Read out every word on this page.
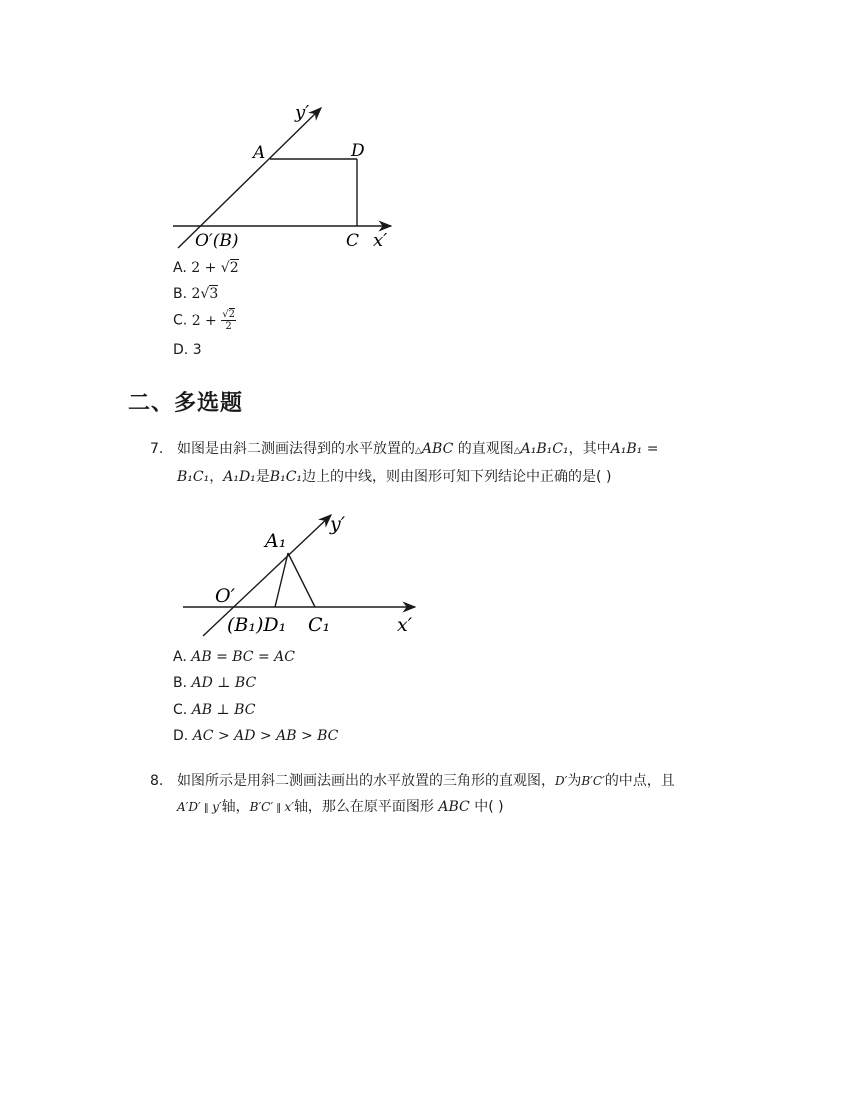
y′
A	D
O′(B)	C x′
A. 2 + √2
B. 2√3
C. $2 + \frac{√2}{2}$
D. 3
二、多选题
7. 如图是由斜二测画法得到的水平放置的△ABC 的直观图△A₁B₁C₁，其中A₁B₁ =
B₁C₁，A₁D₁是B₁C₁边上的中线，则由图形可知下列结论中正确的是( )
y′
A₁
O′
(B₁)D₁ C₁	x′
A. AB = BC = AC
B. AD ⊥ BC
C. AB ⊥ BC
D. AC > AD > AB > BC
8. 如图所示是用斜二测画法画出的水平放置的三角形的直观图，D′为B′C′的中点，且
A′D′ ∥ y′轴，B′C′ ∥ x′轴，那么在原平面图形 ABC 中( )
